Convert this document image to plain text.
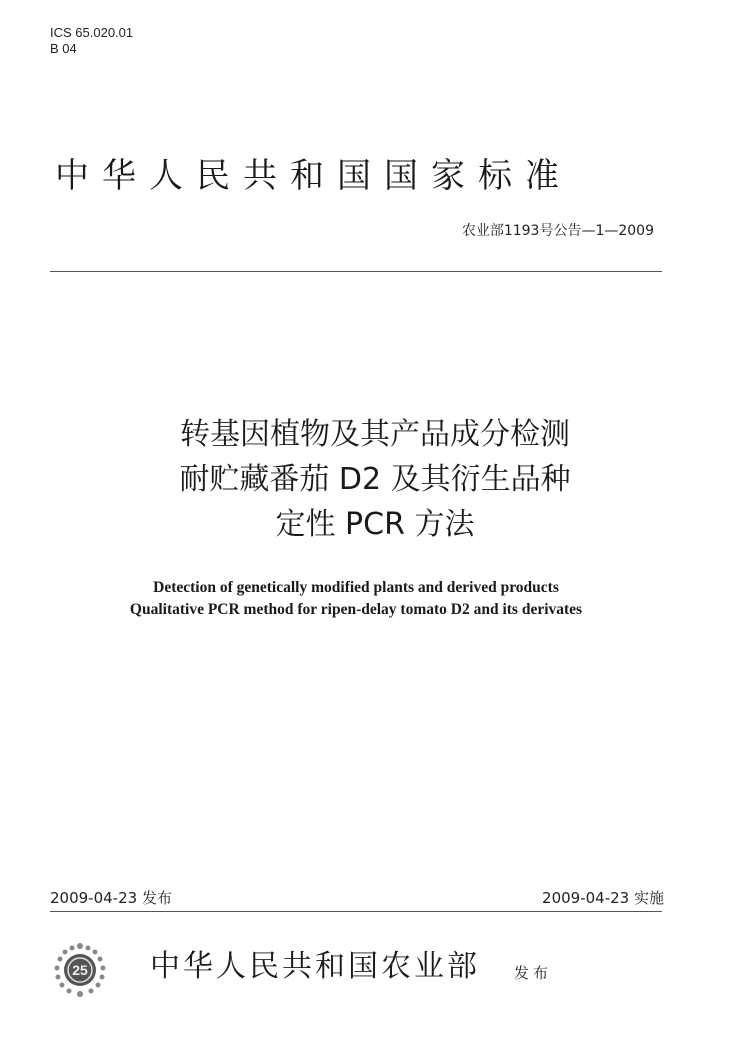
ICS 65.020.01
B 04
中华人民共和国国家标准
农业部1193号公告—1—2009
转基因植物及其产品成分检测
耐贮藏番茄 D2 及其衍生品种
定性 PCR 方法
Detection of genetically modified plants and derived products
Qualitative PCR method for ripen-delay tomato D2 and its derivates
2009-04-23 发布	2009-04-23 实施
25 中华人民共和国农业部 发布
